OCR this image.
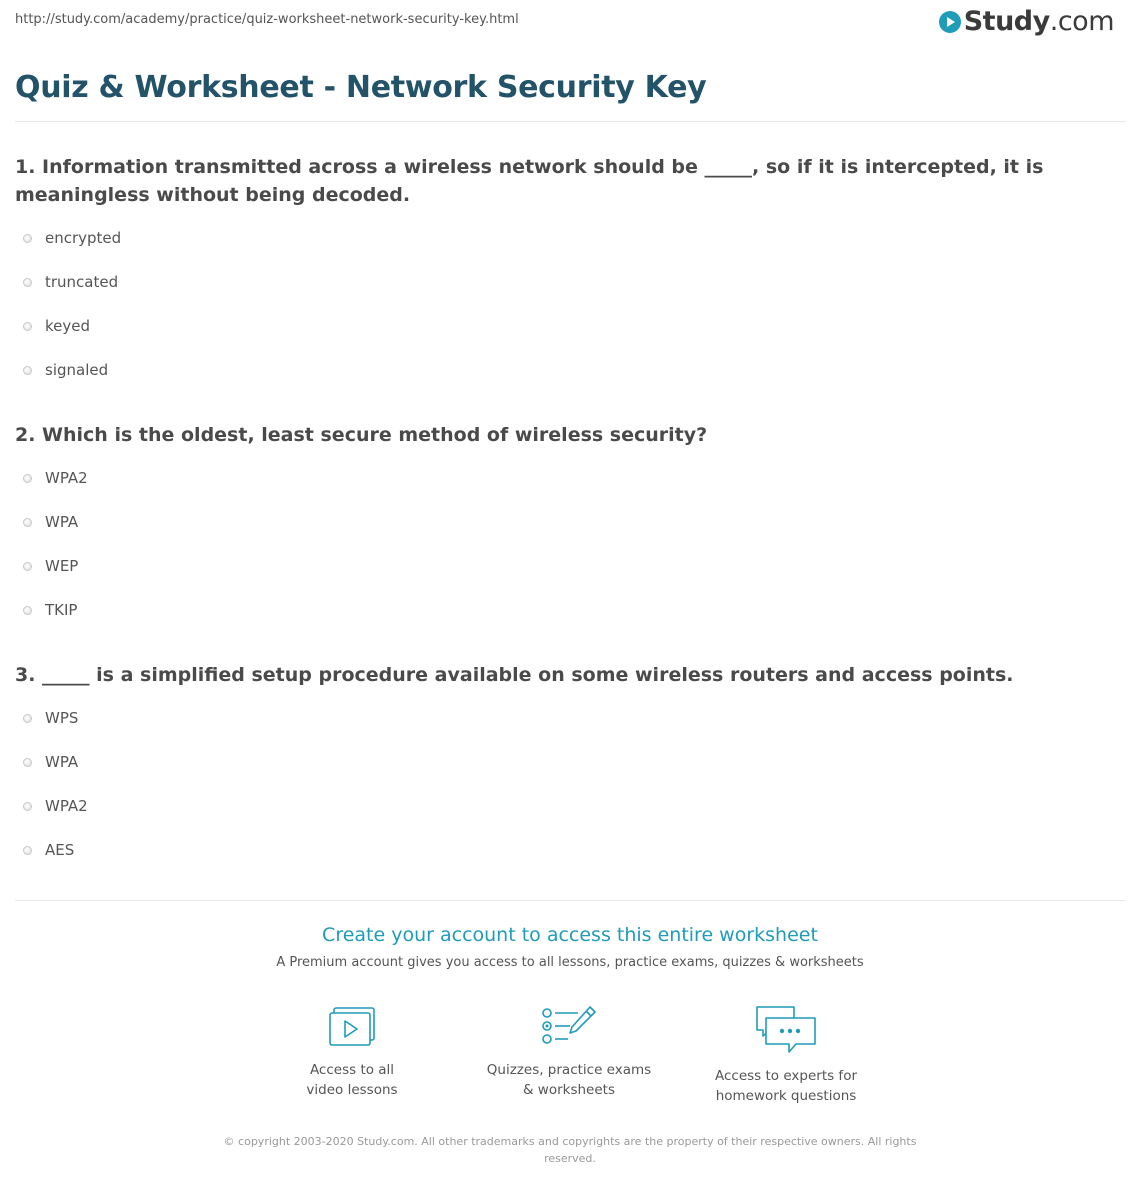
http://study.com/academy/practice/quiz-worksheet-network-security-key.html	Study.com
Quiz & Worksheet - Network Security Key

1. Information transmitted across a wireless network should be _____, so if it is intercepted, it is meaningless without being decoded.

encrypted
truncated
keyed
signaled

2. Which is the oldest, least secure method of wireless security?

WPA2
WPA
WEP
TKIP

3. _____ is a simplified setup procedure available on some wireless routers and access points.

WPS
WPA
WPA2
AES
Create your account to access this entire worksheet
A Premium account gives you access to all lessons, practice exams, quizzes & worksheets
Access to all
video lessons
Quizzes, practice exams
& worksheets
Access to experts for
homework questions
© copyright 2003-2020 Study.com. All other trademarks and copyrights are the property of their respective owners. All rights reserved.
